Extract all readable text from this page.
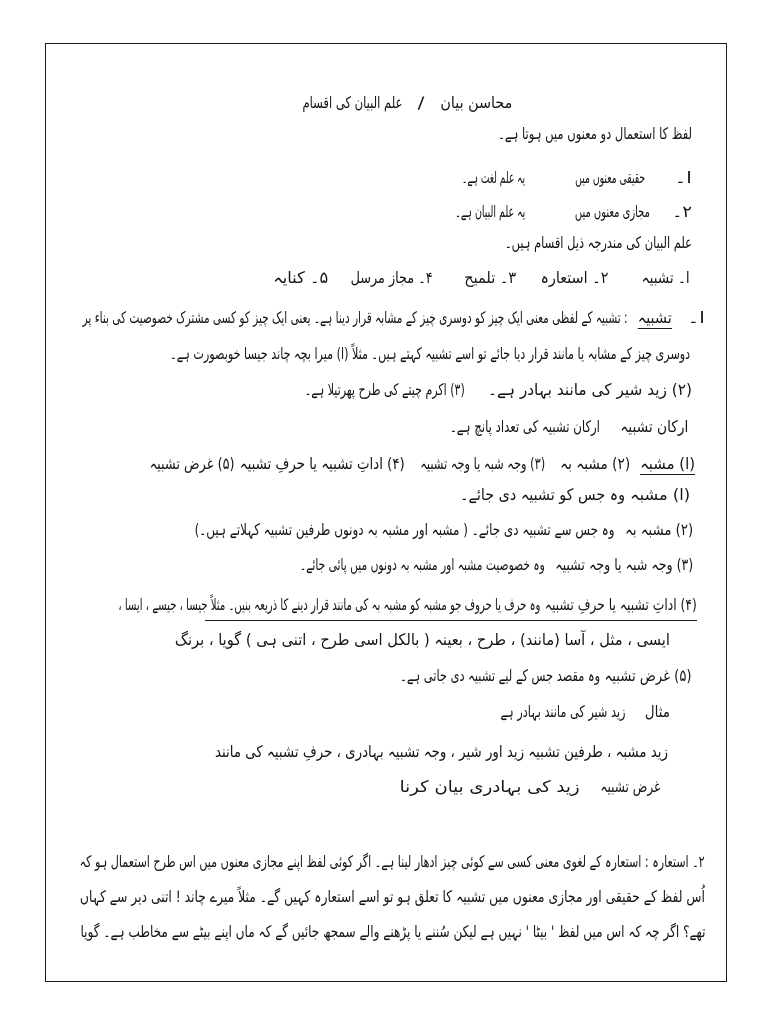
محاسن بیان
/
علم البیان کی اقسام
لفظ کا استعمال دو معنوں میں ہوتا ہے۔
ا۔
حقیقی معنوں میں
یہ علم لغت ہے۔
۲۔
مجازی معنوں میں
یہ علم البیان ہے۔
علم البیان کی مندرجہ ذیل اقسام ہیں۔
ا۔ تشبیہ
۲۔ استعارہ
۳۔ تلمیح
۴۔ مجاز مرسل
۵۔ کنایہ
ا۔
تشبیہ
: تشبیہ کے لفظی معنی ایک چیز کو دوسری چیز کے مشابہ قرار دینا ہے۔ یعنی ایک چیز کو کسی مشترک خصوصیت کی بناء پر
دوسری چیز کے مشابہ یا مانند قرار دیا جائے تو اسے تشبیہ کہتے ہیں۔ مثلاً (ا) میرا بچہ چاند جیسا خوبصورت ہے۔
(۲) زید شیر کی مانند بہادر ہے۔
(۳) اکرم چیتے کی طرح پھرتیلا ہے۔
ارکان تشبیہ
ارکان تشبیہ کی تعداد پانچ ہے۔
(ا) مشبہ
(۲) مشبہ بہ
(۳) وجہ شبہ یا وجہ تشبیہ
(۴) اداتِ تشبیہ یا حرفِ تشبیہ
(۵) غرض تشبیہ
(ا) مشبہ
وہ جس کو تشبیہ دی جائے۔
(۲) مشبہ بہ
وہ جس سے تشبیہ دی جائے۔ ( مشبہ اور مشبہ بہ دونوں طرفین تشبیہ کہلاتے ہیں۔)
(۳) وجہ شبہ یا وجہ تشبیہ
وہ خصوصیت مشبہ اور مشبہ بہ دونوں میں پائی جائے۔
(۴) اداتِ تشبیہ یا حرفِ تشبیہ
وہ حرف یا حروف جو مشبہ کو مشبہ بہ کی مانند قرار دینے کا ذریعہ بنیں۔ مثلاً جیسا ، جیسے ، ایسا ،
ایسی ، مثل ، آسا (مانند) ، طرح ، بعینہ ( بالکل اسی طرح ، اتنی ہی ) گویا ، برنگ
(۵) غرض تشبیہ
وہ مقصد جس کے لیے تشبیہ دی جاتی ہے۔
مثال
زید شیر کی مانند بہادر ہے
زید مشبہ ، طرفین تشبیہ زید اور شیر ، وجہ تشبیہ بہادری ، حرفِ تشبیہ کی مانند
غرض تشبیہ
زید کی بہادری بیان کرنا
۲۔ استعارہ : استعارہ کے لغوی معنی کسی سے کوئی چیز ادھار لینا ہے۔ اگر کوئی لفظ اپنے مجازی معنوں میں اس طرح استعمال ہو کہ
اُس لفظ کے حقیقی اور مجازی معنوں میں تشبیہ کا تعلق ہو تو اسے استعارہ کہیں گے۔ مثلاً میرے چاند ! اتنی دیر سے کہاں
تھے؟ اگر چہ کہ اس میں لفظ ' بیٹا ' نہیں ہے لیکن سُننے یا پڑھنے والے سمجھ جائیں گے کہ ماں اپنے بیٹے سے مخاطب ہے۔ گویا
